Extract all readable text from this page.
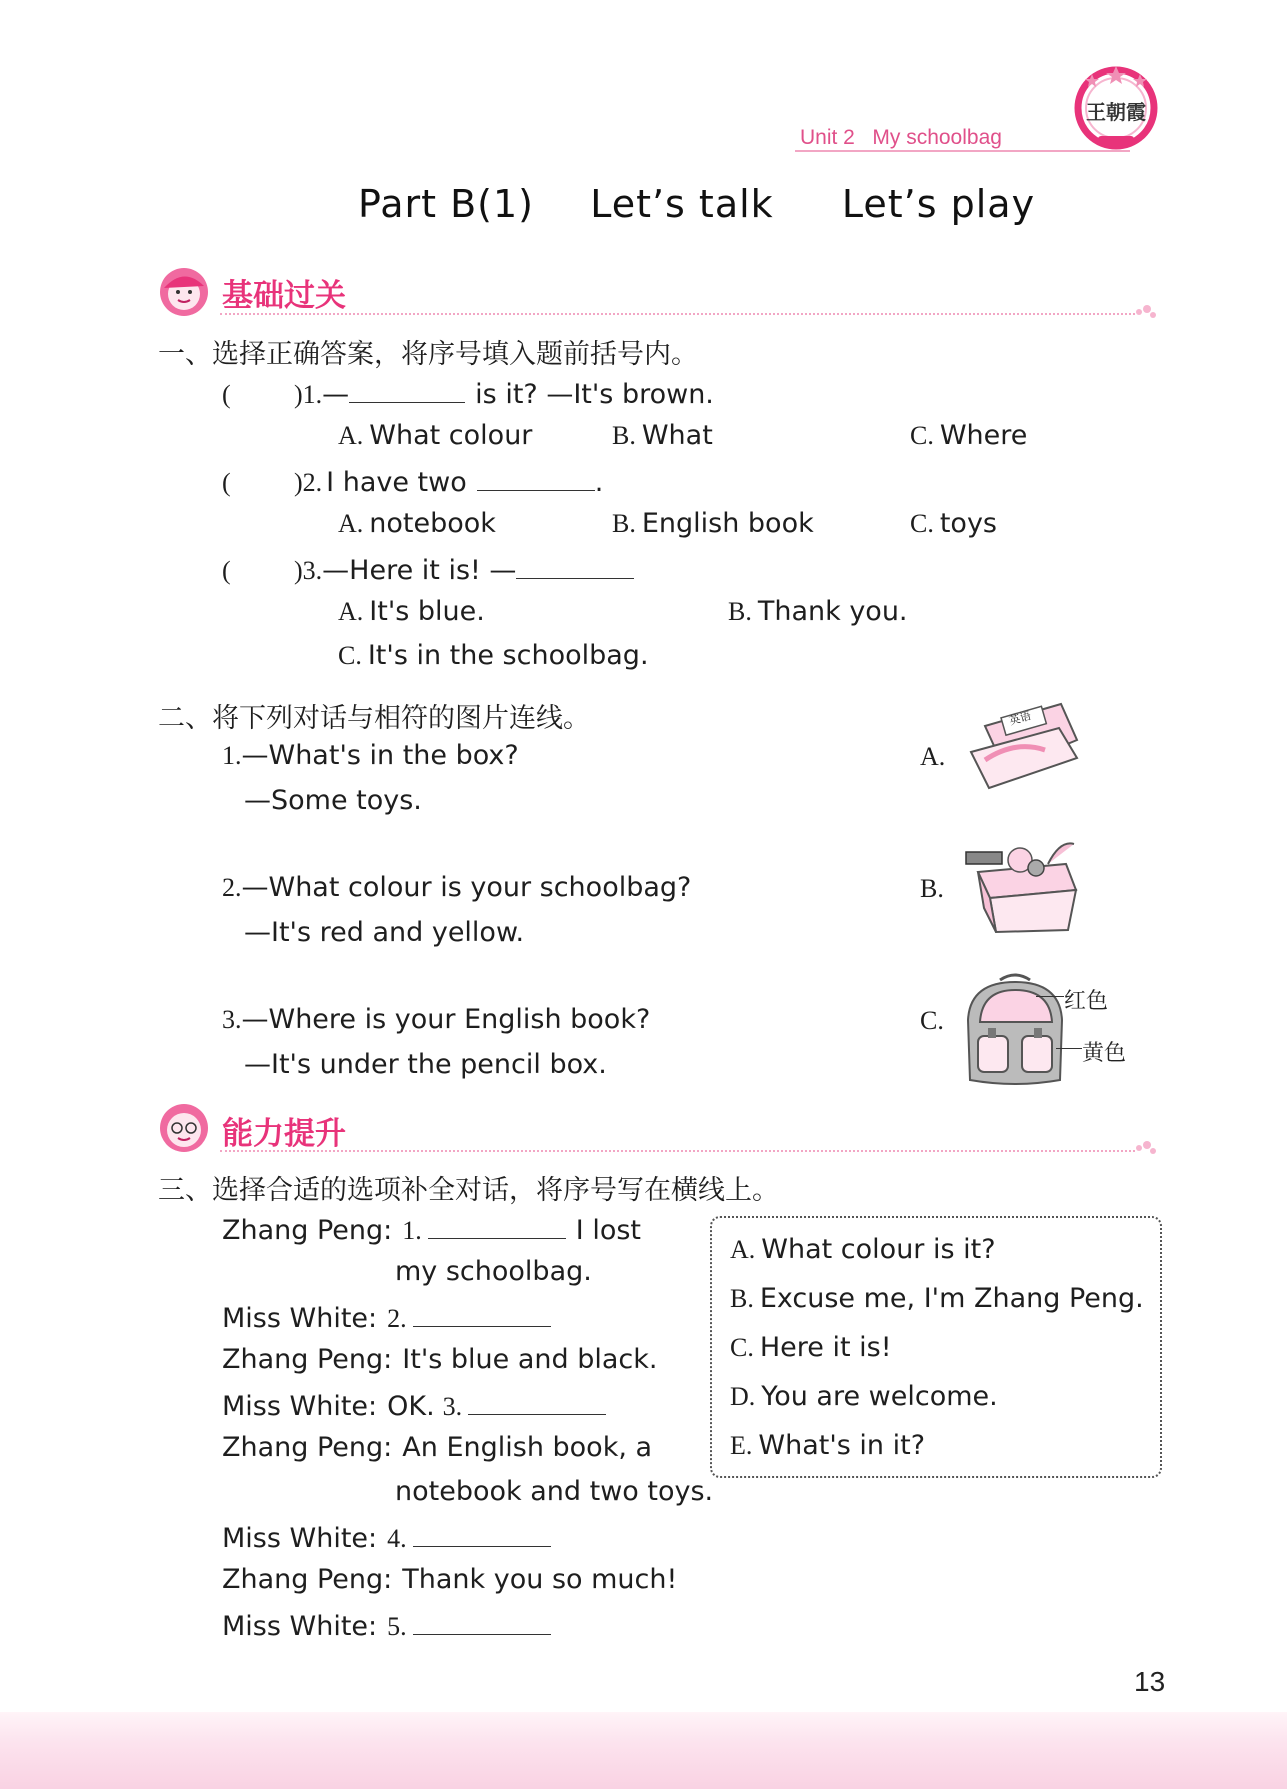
Unit 2 My schoolbag
王朝霞
Part B(1) Let’s talk Let’s play
基础过关
一、选择正确答案，将序号填入题前括号内。
(	)1. —	is it? —It's brown.
A. What colour	B. What	C. Where
(	)2. I have two	.
A. notebook	B. English book	C. toys
(	)3. —Here it is! —
A. It's blue.	B. Thank you.
C. It's in the schoolbag.
二、将下列对话与相符的图片连线。
1. —What's in the box?
—Some toys.
2. —What colour is your schoolbag?
—It's red and yellow.
3. —Where is your English book?
—It's under the pencil box.
A.
英语
B.
C.
红色
黄色
能力提升
三、选择合适的选项补全对话，将序号写在横线上。
Zhang Peng: 1.	I lost
my schoolbag.
Miss White: 2.
Zhang Peng: It's blue and black.
Miss White: OK. 3.
Zhang Peng: An English book, a
notebook and two toys.
Miss White: 4.
Zhang Peng: Thank you so much!
Miss White: 5.
A. What colour is it?
B. Excuse me, I'm Zhang Peng.
C. Here it is!
D. You are welcome.
E. What's in it?
13
